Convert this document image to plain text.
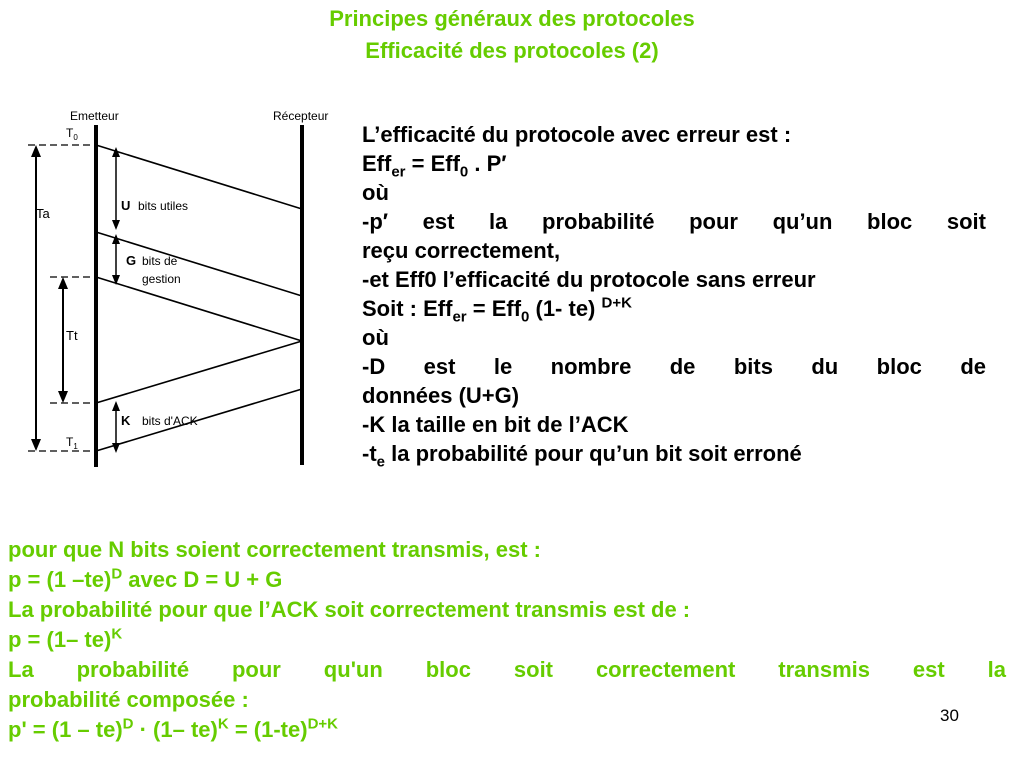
Principes généraux des protocoles
Efficacité des protocoles (2)
Emetteur	Récepteur
$T_0$
$T_1$
Ta
Tt
U bits utiles
G bits de
gestion
K bits d'ACK
L’efficacité du protocole avec erreur est :
Eff$_{er}$ = Eff$_0$ . P′
où
-p′ est la probabilité pour qu’un bloc soit
reçu correctement,
-et Eff0 l’efficacité du protocole sans erreur
Soit : Eff$_{er}$ = Eff$_0$ (1- te) $^{D+K}$
où
-D est le nombre de bits du bloc de
données (U+G)
-K la taille en bit de l’ACK
$-t_e$ la probabilité pour qu’un bit soit erroné
pour que N bits soient correctement transmis, est :
p = (1 –te)$^D$ avec D = U + G
La probabilité pour que l’ACK soit correctement transmis est de :
p = (1– te)$^K$
La probabilité pour qu'un bloc soit correctement transmis est la
probabilité composée :
p' = (1 – te)$^D$ · (1– $te)^K = (1-te)^{D+K}$	30
